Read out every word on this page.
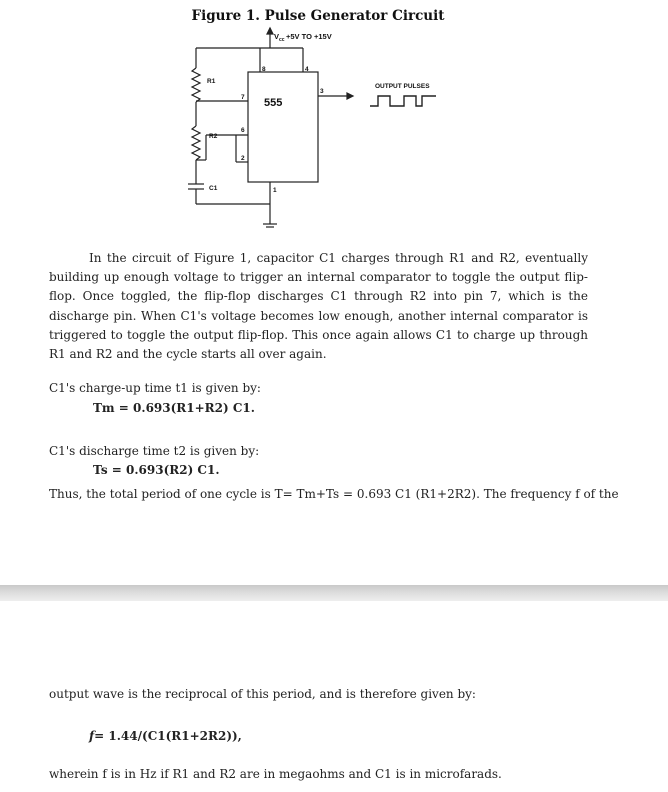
Figure 1. Pulse Generator Circuit
V cc +5V TO +15V
8	4
3
7
6
2
1
555
R1
R2
C1
OUTPUT PULSES
In the circuit of Figure 1, capacitor C1 charges through R1 and R2, eventually building up enough voltage to trigger an internal comparator to toggle the output flip-flop. Once toggled, the flip-flop discharges C1 through R2 into pin 7, which is the discharge pin. When C1's voltage becomes low enough, another internal comparator is triggered to toggle the output flip-flop. This once again allows C1 to charge up through R1 and R2 and the cycle starts all over again.
C1's charge-up time t1 is given by:
Tm = 0.693(R1+R2) C1.
C1's discharge time t2 is given by:
Ts = 0.693(R2) C1.
Thus, the total period of one cycle is T= Tm+Ts = 0.693 C1 (R1+2R2). The frequency f of the
output wave is the reciprocal of this period, and is therefore given by:
f= 1.44/(C1(R1+2R2)),
wherein f is in Hz if R1 and R2 are in megaohms and C1 is in microfarads.
